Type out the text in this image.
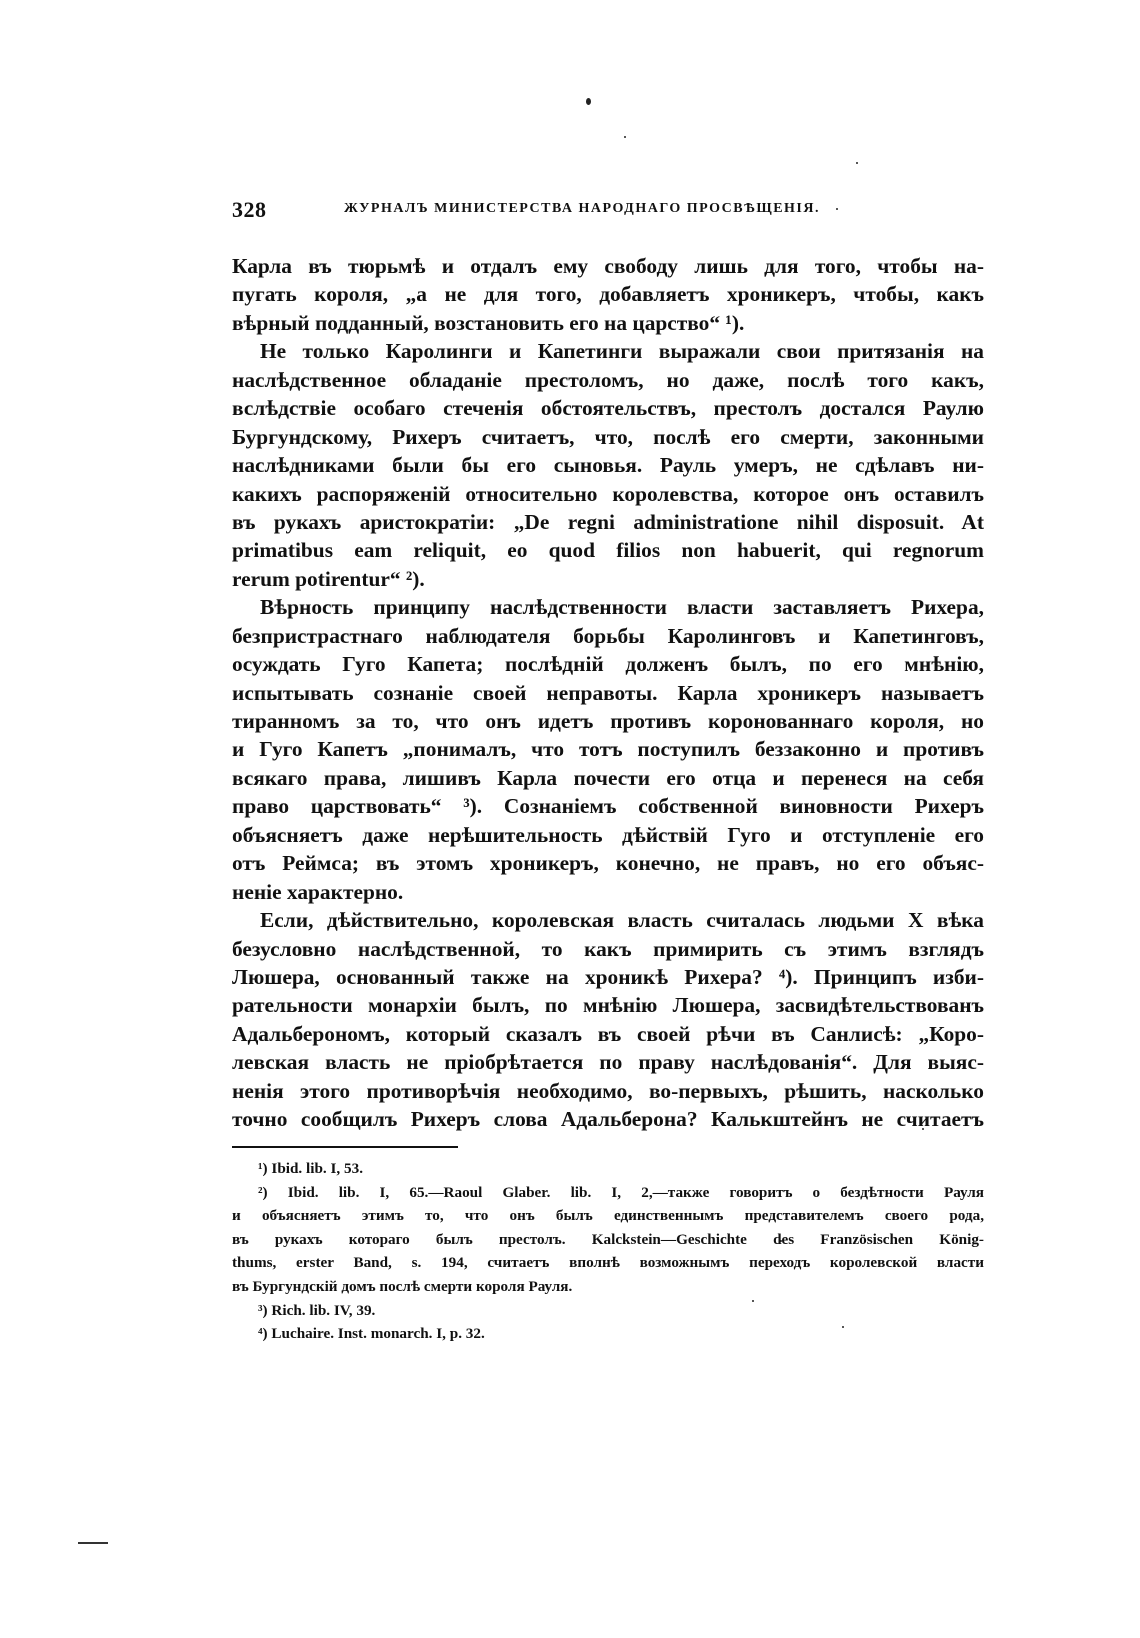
328	ЖУРНАЛЪ МИНИСТЕРСТВА НАРОДНАГО ПРОСВѢЩЕНІЯ.
Карла въ тюрьмѣ и отдалъ ему свободу лишь для того, чтобы на-
пугать короля, „а не для того, добавляетъ хроникеръ, чтобы, какъ
вѣрный подданный, возстановить его на царство“ ¹).
Не только Каролинги и Капетинги выражали свои притязанія на
наслѣдственное обладаніе престоломъ, но даже, послѣ того какъ,
вслѣдствіе особаго стеченія обстоятельствъ, престолъ достался Раулю
Бургундскому, Рихеръ считаетъ, что, послѣ его смерти, законными
наслѣдниками были бы его сыновья. Рауль умеръ, не сдѣлавъ ни-
какихъ распоряженій относительно королевства, которое онъ оставилъ
въ рукахъ аристократіи: „De regni administratione nihil disposuit. At
primatibus eam reliquit, eo quod filios non habuerit, qui regnorum
rerum potirentur“ ²).
Вѣрность принципу наслѣдственности власти заставляетъ Рихера,
безпристрастнаго наблюдателя борьбы Каролинговъ и Капетинговъ,
осуждать Гуго Капета; послѣдній долженъ былъ, по его мнѣнію,
испытывать сознаніе своей неправоты. Карла хроникеръ называетъ
тиранномъ за то, что онъ идетъ противъ коронованнаго короля, но
и Гуго Капетъ „понималъ, что тотъ поступилъ беззаконно и противъ
всякаго права, лишивъ Карла почести его отца и перенеся на себя
право царствовать“ ³). Сознаніемъ собственной виновности Рихеръ
объясняетъ даже нерѣшительность дѣйствій Гуго и отступленіе его
отъ Реймса; въ этомъ хроникеръ, конечно, не правъ, но его объяс-
неніе характерно.
Если, дѣйствительно, королевская власть считалась людьми X вѣка
безусловно наслѣдственной, то какъ примирить съ этимъ взглядъ
Люшера, основанный также на хроникѣ Рихера? ⁴). Принципъ изби-
рательности монархіи былъ, по мнѣнію Люшера, засвидѣтельствованъ
Адальберономъ, который сказалъ въ своей рѣчи въ Санлисѣ: „Коро-
левская власть не пріобрѣтается по праву наслѣдованія“. Для выяс-
ненія этого противорѣчія необходимо, во-первыхъ, рѣшить, насколько
точно сообщилъ Рихеръ слова Адальберона? Калькштейнъ не считаетъ
¹) Ibid. lib. I, 53.
²) Ibid. lib. I, 65.—Raoul Glaber. lib. I, 2,—также говоритъ о бездѣтности Рауля
и объясняетъ этимъ то, что онъ былъ единственнымъ представителемъ своего рода,
въ рукахъ котораго былъ престолъ. Kalckstein—Geschichte des Französischen König-
thums, erster Band, s. 194, считаетъ вполнѣ возможнымъ переходъ королевской власти
въ Бургундскій домъ послѣ смерти короля Рауля.
³) Rich. lib. IV, 39.
⁴) Luchaire. Inst. monarch. I, p. 32.
